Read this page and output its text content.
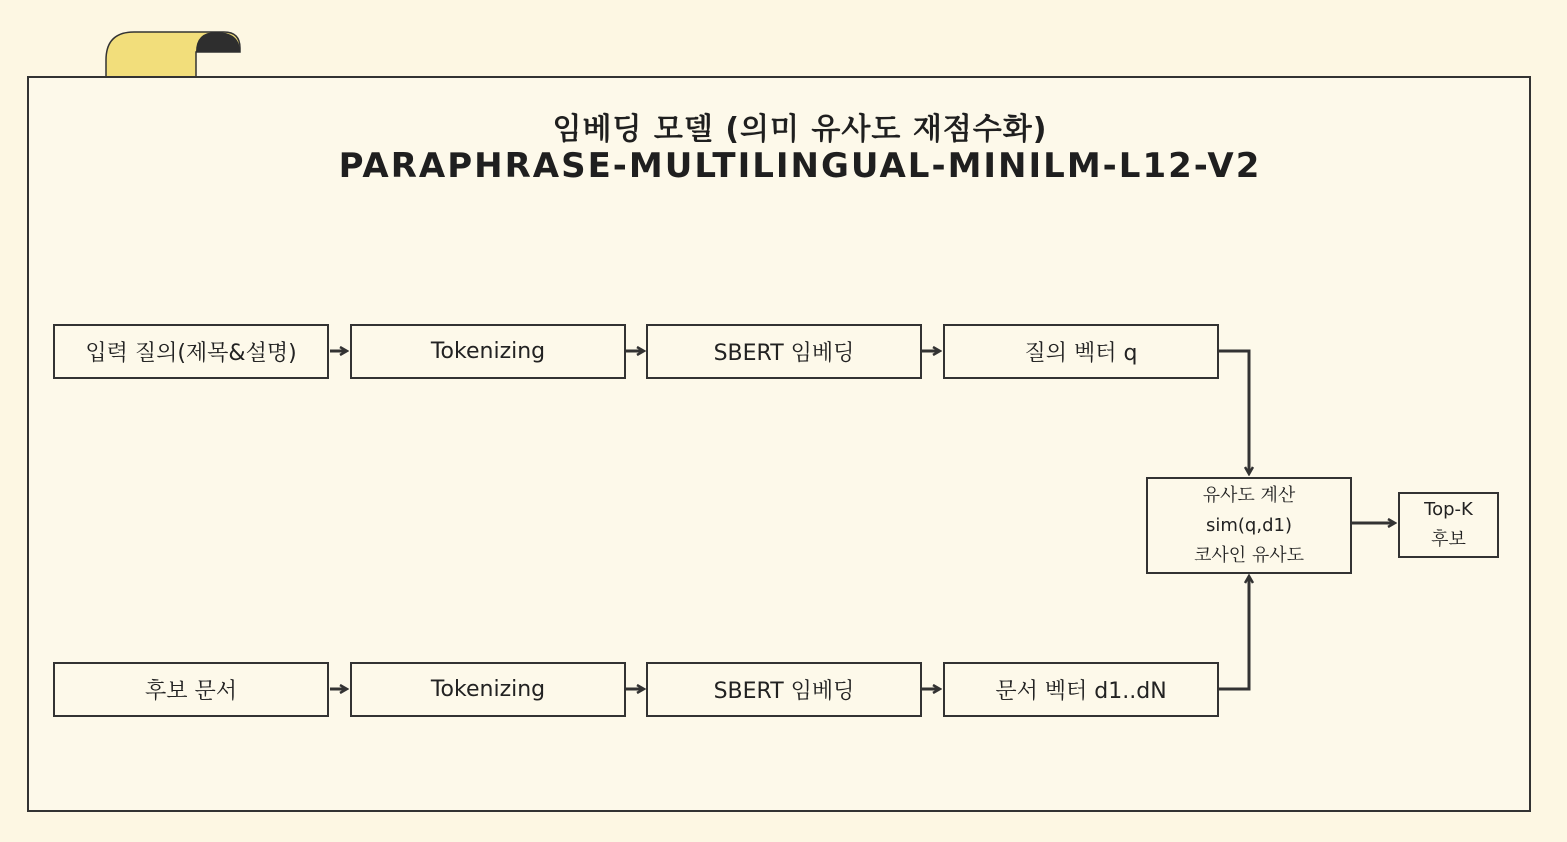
임베딩 모델 (의미 유사도 재점수화)
PARAPHRASE-MULTILINGUAL-MINILM-L12-V2
입력 질의(제목&설명)	Tokenizing	SBERT 임베딩	질의 벡터 q
후보 문서	Tokenizing	SBERT 임베딩	문서 벡터 d1..dN
유사도 계산
sim(q,d1)
코사인 유사도
Top-K
후보
